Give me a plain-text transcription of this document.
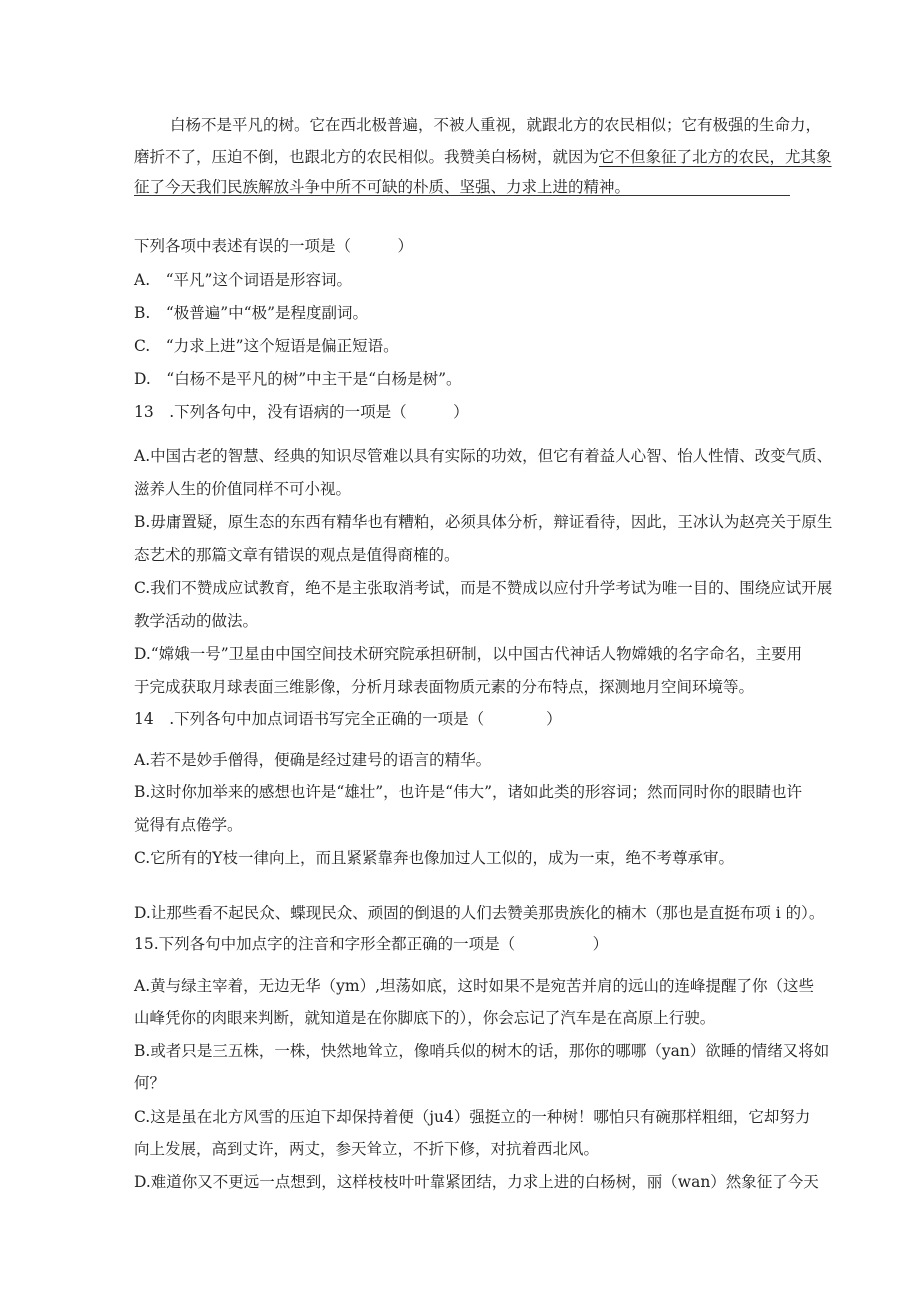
白杨不是平凡的树。它在西北极普遍，不被人重视，就跟北方的农民相似；它有极强的生命力，
磨折不了，压迫不倒，也跟北方的农民相似。我赞美白杨树，就因为它不但象征了北方的农民，尤其象
征了今天我们民族解放斗争中所不可缺的朴质、坚强、力求上进的精神。
下列各项中表述有误的一项是（　　　）
A.　“平凡”这个词语是形容词。
B.　“极普遍”中“极”是程度副词。
C.　“力求上进”这个短语是偏正短语。
D.　“白杨不是平凡的树”中主干是“白杨是树”。
13　.下列各句中，没有语病的一项是（　　　）
A.中国古老的智慧、经典的知识尽管难以具有实际的功效，但它有着益人心智、怡人性情、改变气质、
滋养人生的价值同样不可小视。
B.毋庸置疑，原生态的东西有精华也有糟粕，必须具体分析，辩证看待，因此，王冰认为赵亮关于原生
态艺术的那篇文章有错误的观点是值得商榷的。
C.我们不赞成应试教育，绝不是主张取消考试，而是不赞成以应付升学考试为唯一目的、围绕应试开展
教学活动的做法。
D.“嫦娥一号”卫星由中国空间技术研究院承担研制，以中国古代神话人物嫦娥的名字命名，主要用
于完成获取月球表面三维影像，分析月球表面物质元素的分布特点，探测地月空间环境等。
14　.下列各句中加点词语书写完全正确的一项是（　　　　）
A.若不是妙手僧得，便确是经过建号的语言的精华。
B.这时你加举来的感想也许是“雄壮”，也许是“伟大”，诸如此类的形容词；然而同时你的眼睛也许
觉得有点倦学。
C.它所有的Y枝一律向上，而且紧紧靠奔也像加过人工似的，成为一束，绝不考尊承审。
D.让那些看不起民众、蝶现民众、顽固的倒退的人们去赞美那贵族化的楠木（那也是直挺布项 i 的）。
15.下列各句中加点字的注音和字形全都正确的一项是（　　　　　）
A.黄与绿主宰着，无边无华（ym）,坦荡如底，这时如果不是宛苦并肩的远山的连峰提醒了你（这些
山峰凭你的肉眼来判断，就知道是在你脚底下的），你会忘记了汽车是在高原上行驶。
B.或者只是三五株，一株，快然地耸立，像哨兵似的树木的话，那你的哪哪（yan）欲睡的情绪又将如
何？
C.这是虽在北方风雪的压迫下却保持着便（ju4）强挺立的一种树！哪怕只有碗那样粗细，它却努力
向上发展，高到丈许，两丈，参天耸立，不折下修，对抗着西北风。
D.难道你又不更远一点想到，这样枝枝叶叶靠紧团结，力求上进的白杨树，丽（wan）然象征了今天
